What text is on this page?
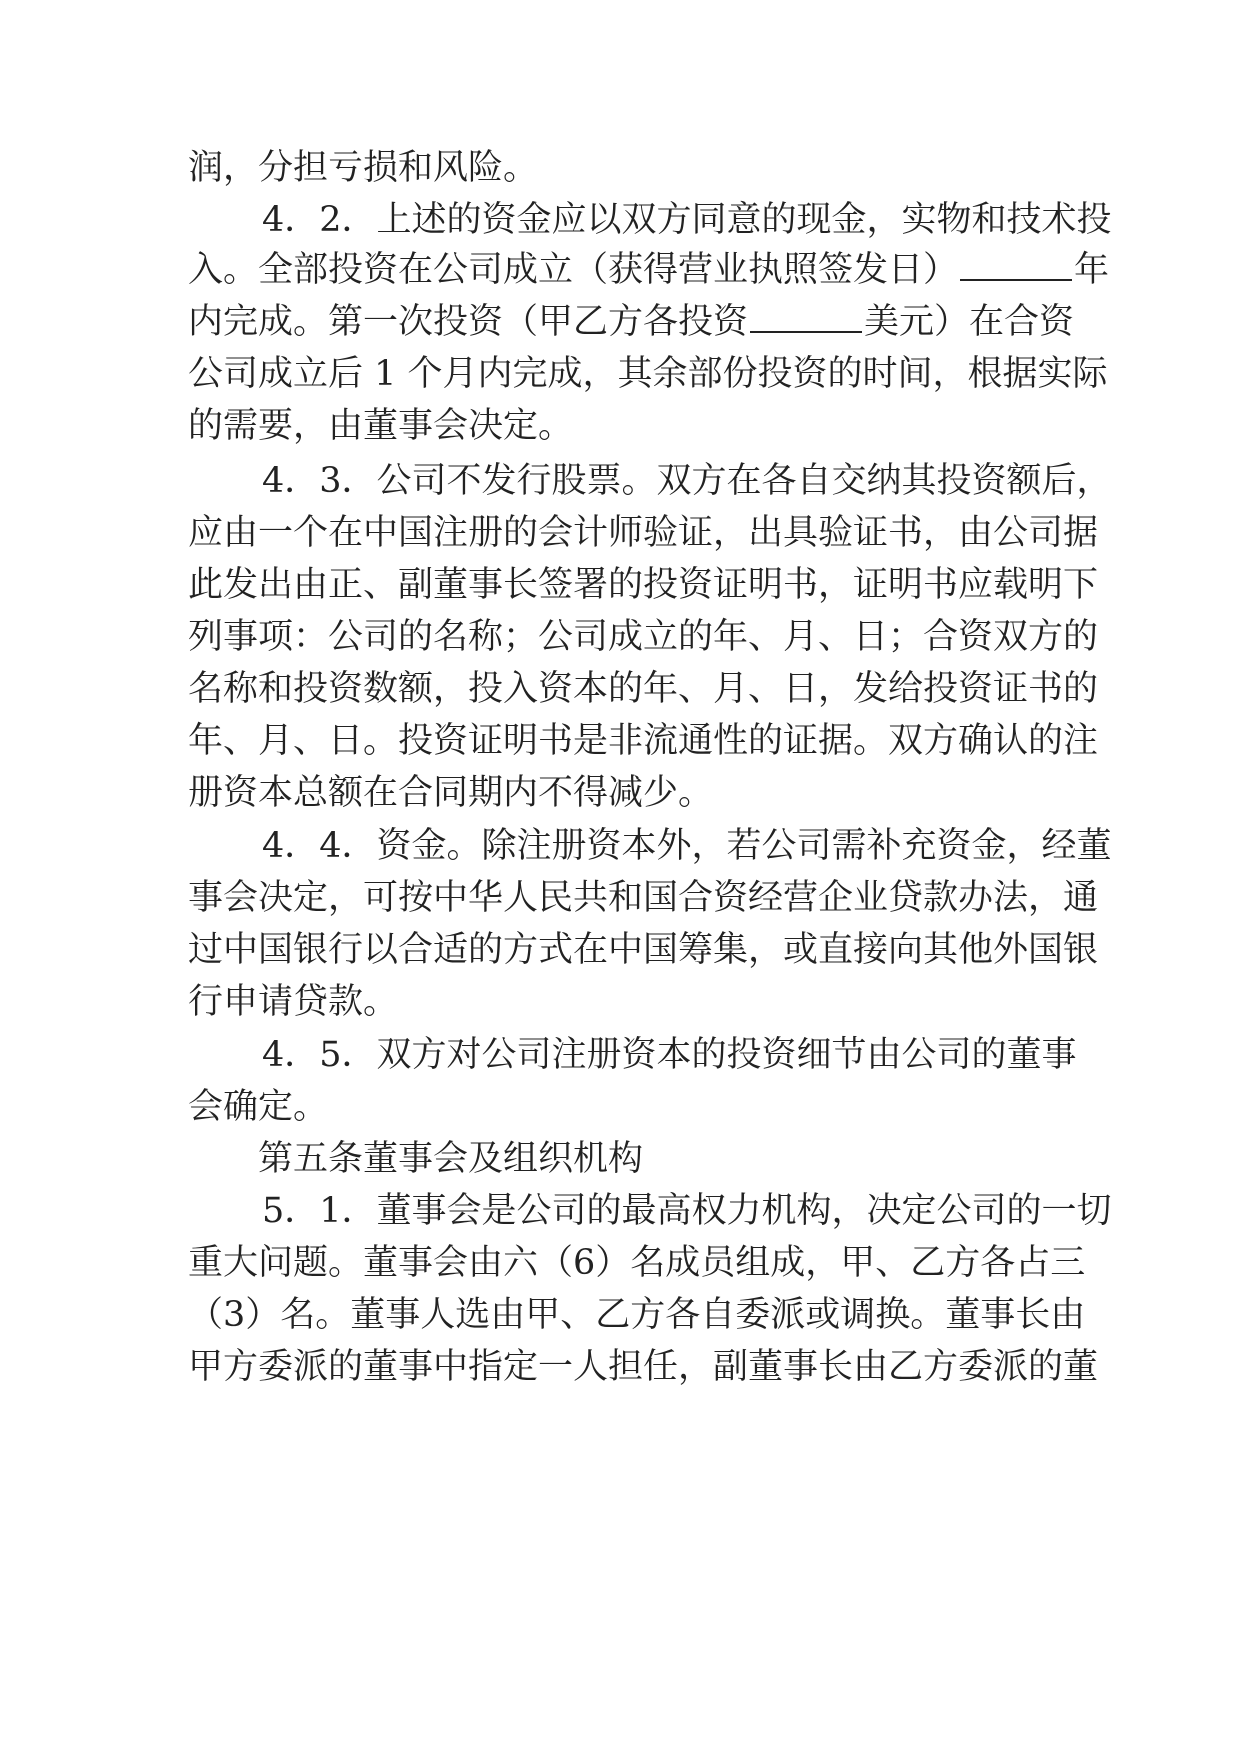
润，分担亏损和风险。
4．2．上述的资金应以双方同意的现金，实物和技术投
入。全部投资在公司成立（获得营业执照签发日）	年
内完成。第一次投资（甲乙方各投资	美元）在合资
公司成立后 1 个月内完成，其余部份投资的时间，根据实际
的需要，由董事会决定。
4．3．公司不发行股票。双方在各自交纳其投资额后，
应由一个在中国注册的会计师验证，出具验证书，由公司据
此发出由正、副董事长签署的投资证明书，证明书应载明下
列事项：公司的名称；公司成立的年、月、日；合资双方的
名称和投资数额，投入资本的年、月、日，发给投资证书的
年、月、日。投资证明书是非流通性的证据。双方确认的注
册资本总额在合同期内不得减少。
4．4．资金。除注册资本外，若公司需补充资金，经董
事会决定，可按中华人民共和国合资经营企业贷款办法，通
过中国银行以合适的方式在中国筹集，或直接向其他外国银
行申请贷款。
4．5．双方对公司注册资本的投资细节由公司的董事
会确定。
第五条董事会及组织机构
5．1．董事会是公司的最高权力机构，决定公司的一切
重大问题。董事会由六（6）名成员组成，甲、乙方各占三
（3）名。董事人选由甲、乙方各自委派或调换。董事长由
甲方委派的董事中指定一人担任，副董事长由乙方委派的董
